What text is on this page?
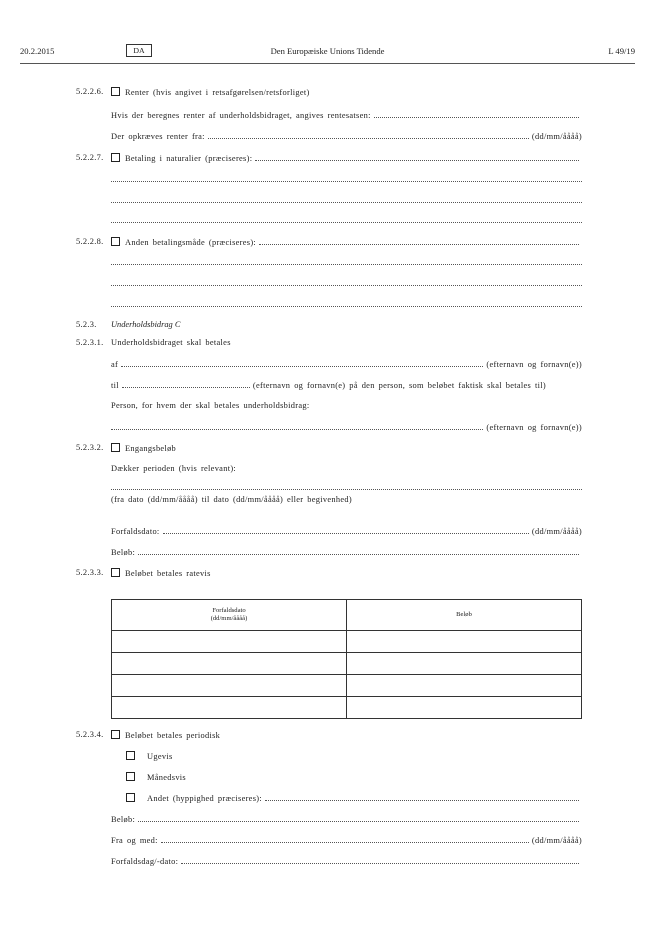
20.2.2015	DA	Den Europæiske Unions Tidende	L 49/19
5.2.2.6.	Renter (hvis angivet i retsafgørelsen/retsforliget)
Hvis der beregnes renter af underholdsbidraget, angives rentesatsen:
Der opkræves renter fra:	(dd/mm/åååå)
5.2.2.7.	Betaling i naturalier (præciseres):
5.2.2.8.	Anden betalingsmåde (præciseres):
5.2.3. Underholdsbidrag C
5.2.3.1. Underholdsbidraget skal betales
af	(efternavn og fornavn(e))
til	(efternavn og fornavn(e) på den person, som beløbet faktisk skal betales til)
Person, for hvem der skal betales underholdsbidrag:
(efternavn og fornavn(e))
5.2.3.2.	Engangsbeløb
Dækker perioden (hvis relevant):
(fra dato (dd/mm/åååå) til dato (dd/mm/åååå) eller begivenhed)
Forfaldsdato:	(dd/mm/åååå)
Beløb:
5.2.3.3.	Beløbet betales ratevis
Forfaldsdato
(dd/mm/åååå)	Beløb

5.2.3.4.	Beløbet betales periodisk
Ugevis
Månedsvis
Andet (hyppighed præciseres):
Beløb:
Fra og med:	(dd/mm/åååå)
Forfaldsdag/-dato:
